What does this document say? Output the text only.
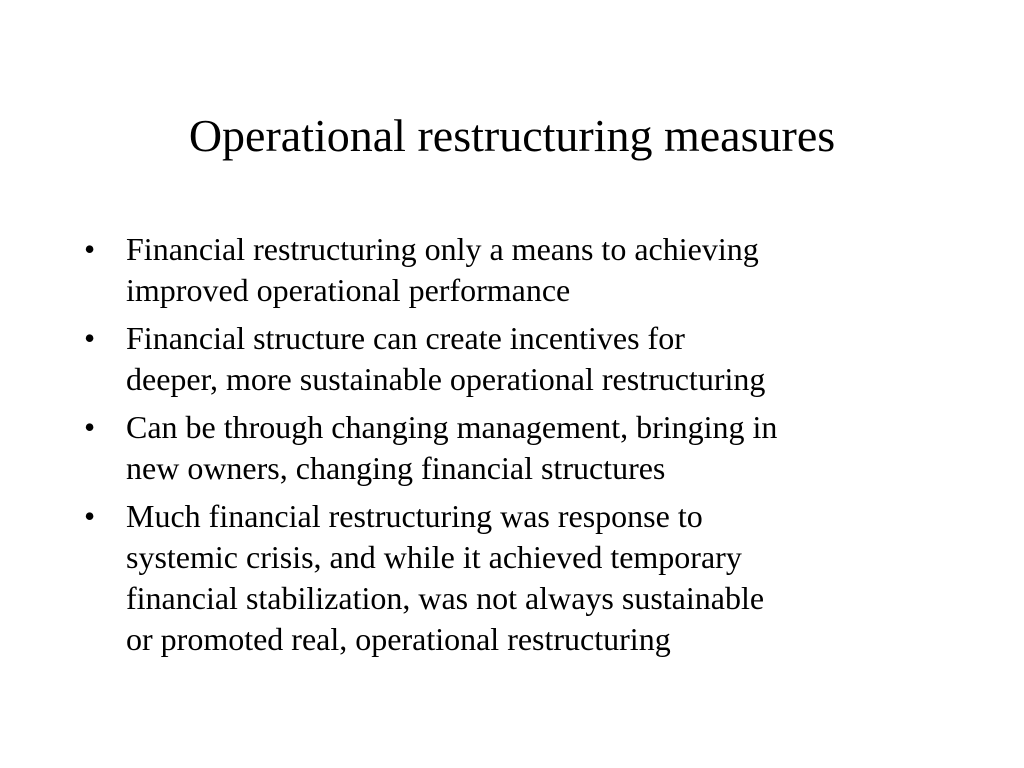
Operational restructuring measures
• Financial restructuring only a means to achieving
improved operational performance
• Financial structure can create incentives for
deeper, more sustainable operational restructuring
• Can be through changing management, bringing in
new owners, changing financial structures
• Much financial restructuring was response to
systemic crisis, and while it achieved temporary
financial stabilization, was not always sustainable
or promoted real, operational restructuring
